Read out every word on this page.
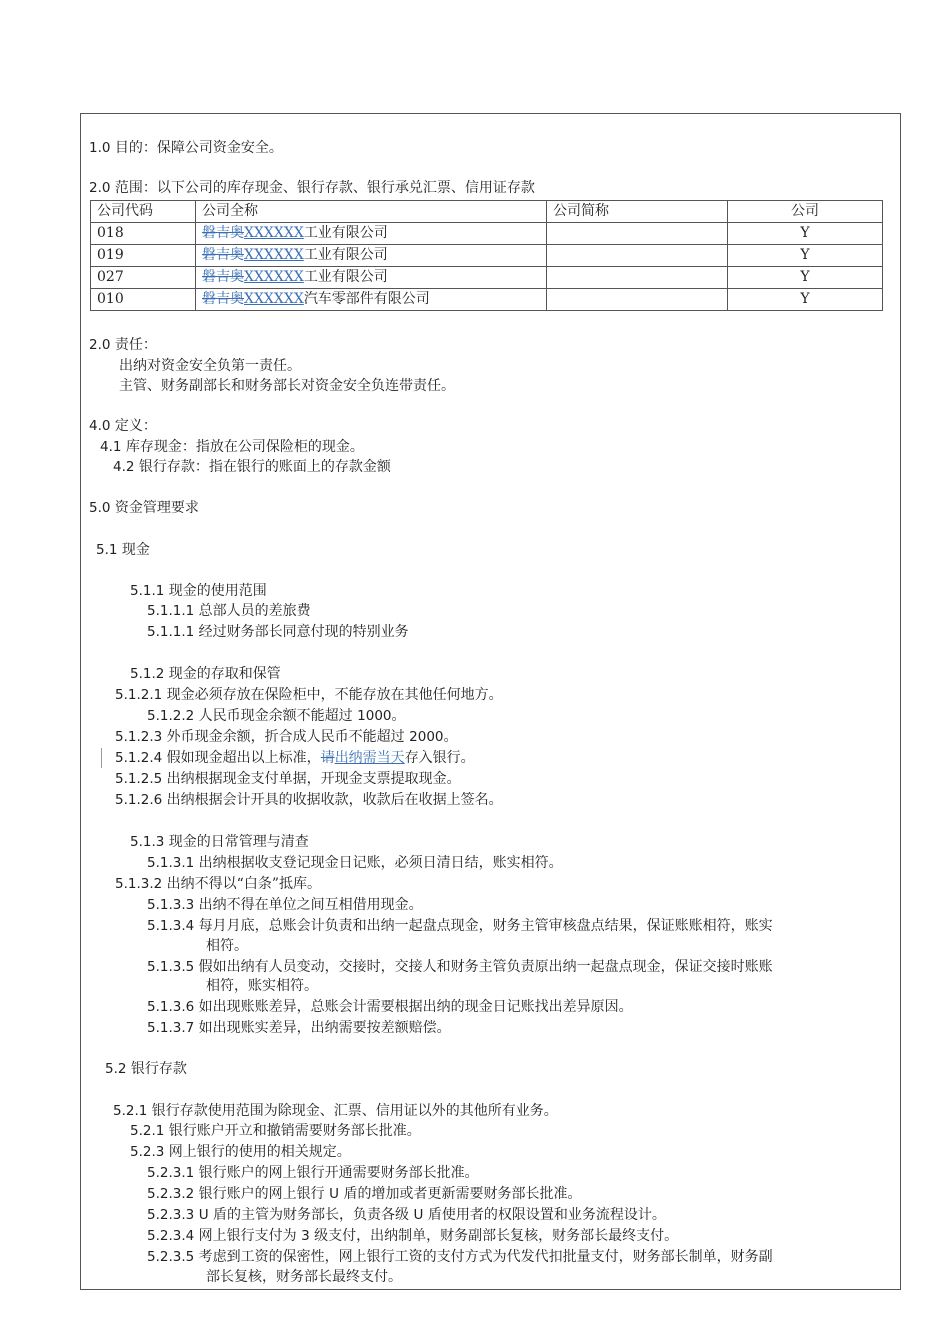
1.0 目的：保障公司资金安全。
2.0 范围：以下公司的库存现金、银行存款、银行承兑汇票、信用证存款
公司代码	公司全称	公司简称	公司
018	磐吉奥XXXXXX工业有限公司		Y
019	磐吉奥XXXXXX工业有限公司		Y
027	磐吉奥XXXXXX工业有限公司		Y
010	磐吉奥XXXXXX汽车零部件有限公司		Y
2.0 责任：
出纳对资金安全负第一责任。
主管、财务副部长和财务部长对资金安全负连带责任。
4.0 定义：
4.1 库存现金：指放在公司保险柜的现金。
4.2 银行存款：指在银行的账面上的存款金额
5.0 资金管理要求
5.1 现金
5.1.1 现金的使用范围
5.1.1.1 总部人员的差旅费
5.1.1.1 经过财务部长同意付现的特别业务
5.1.2 现金的存取和保管
5.1.2.1 现金必须存放在保险柜中，不能存放在其他任何地方。
5.1.2.2 人民币现金余额不能超过 1000。
5.1.2.3 外币现金余额，折合成人民币不能超过 2000。
5.1.2.4 假如现金超出以上标准，请出纳需当天存入银行。
5.1.2.5 出纳根据现金支付单据，开现金支票提取现金。
5.1.2.6 出纳根据会计开具的收据收款，收款后在收据上签名。
5.1.3 现金的日常管理与清查
5.1.3.1 出纳根据收支登记现金日记账，必须日清日结，账实相符。
5.1.3.2 出纳不得以“白条”抵库。
5.1.3.3 出纳不得在单位之间互相借用现金。
5.1.3.4 每月月底，总账会计负责和出纳一起盘点现金，财务主管审核盘点结果，保证账账相符，账实
相符。
5.1.3.5 假如出纳有人员变动，交接时，交接人和财务主管负责原出纳一起盘点现金，保证交接时账账
相符，账实相符。
5.1.3.6 如出现账账差异，总账会计需要根据出纳的现金日记账找出差异原因。
5.1.3.7 如出现账实差异，出纳需要按差额赔偿。
5.2 银行存款
5.2.1 银行存款使用范围为除现金、汇票、信用证以外的其他所有业务。
5.2.1 银行账户开立和撤销需要财务部长批准。
5.2.3 网上银行的使用的相关规定。
5.2.3.1 银行账户的网上银行开通需要财务部长批准。
5.2.3.2 银行账户的网上银行 U 盾的增加或者更新需要财务部长批准。
5.2.3.3 U 盾的主管为财务部长，负责各级 U 盾使用者的权限设置和业务流程设计。
5.2.3.4 网上银行支付为 3 级支付，出纳制单，财务副部长复核，财务部长最终支付。
5.2.3.5 考虑到工资的保密性，网上银行工资的支付方式为代发代扣批量支付，财务部长制单，财务副
部长复核，财务部长最终支付。
